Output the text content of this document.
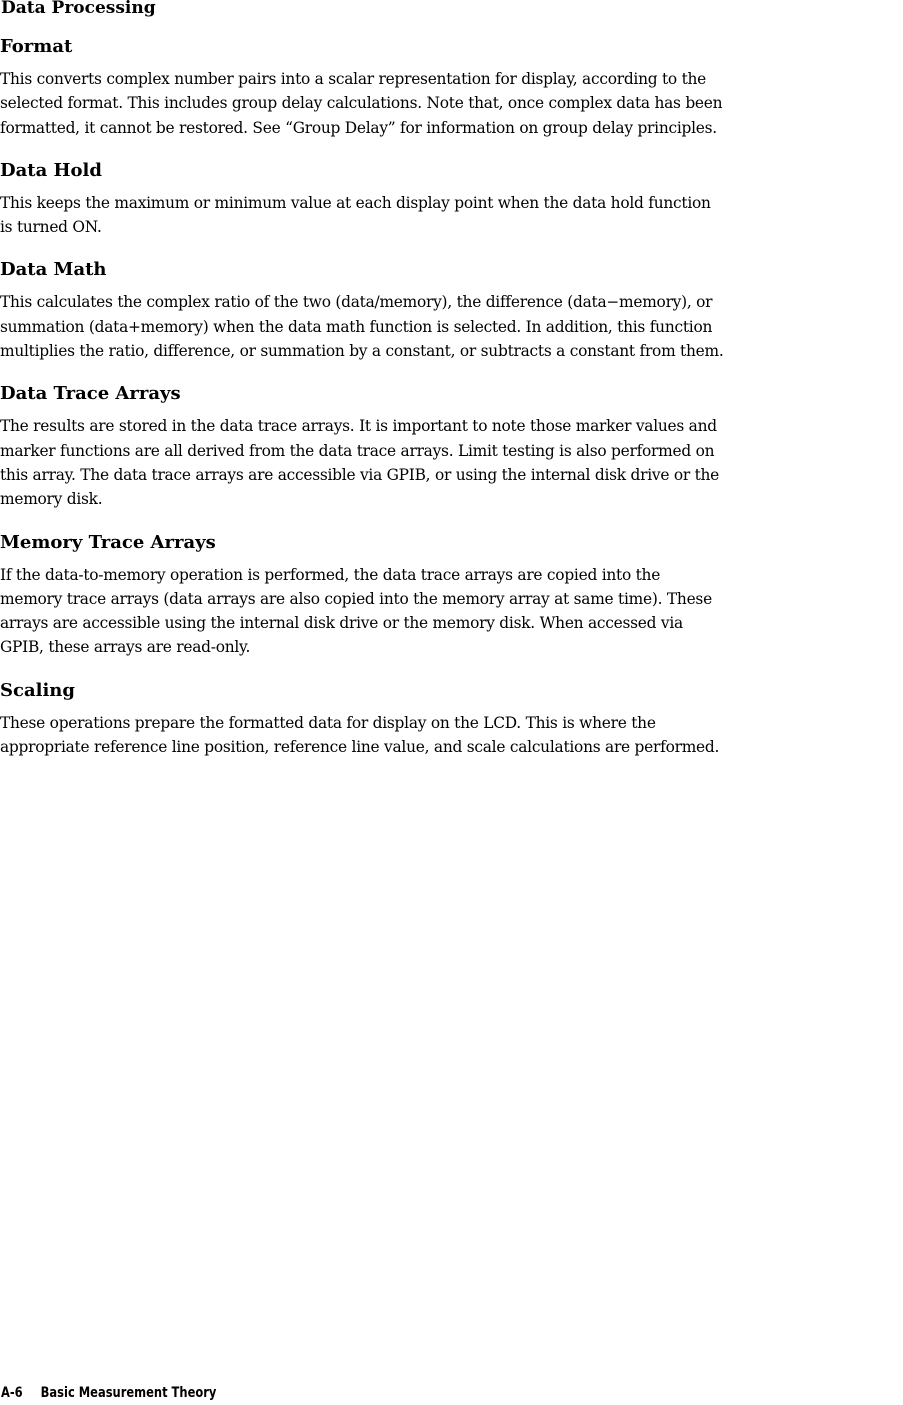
Data Processing
Format
This converts complex number pairs into a scalar representation for display, according to the
selected format. This includes group delay calculations. Note that, once complex data has been
formatted, it cannot be restored. See “Group Delay” for information on group delay principles.
Data Hold
This keeps the maximum or minimum value at each display point when the data hold function
is turned ON.
Data Math
This calculates the complex ratio of the two (data/memory), the difference (data−memory), or
summation (data+memory) when the data math function is selected. In addition, this function
multiplies the ratio, difference, or summation by a constant, or subtracts a constant from them.
Data Trace Arrays
The results are stored in the data trace arrays. It is important to note those marker values and
marker functions are all derived from the data trace arrays. Limit testing is also performed on
this array. The data trace arrays are accessible via GPIB, or using the internal disk drive or the
memory disk.
Memory Trace Arrays
If the data-to-memory operation is performed, the data trace arrays are copied into the
memory trace arrays (data arrays are also copied into the memory array at same time). These
arrays are accessible using the internal disk drive or the memory disk. When accessed via
GPIB, these arrays are read-only.
Scaling
These operations prepare the formatted data for display on the LCD. This is where the
appropriate reference line position, reference line value, and scale calculations are performed.
A-6 Basic Measurement Theory
